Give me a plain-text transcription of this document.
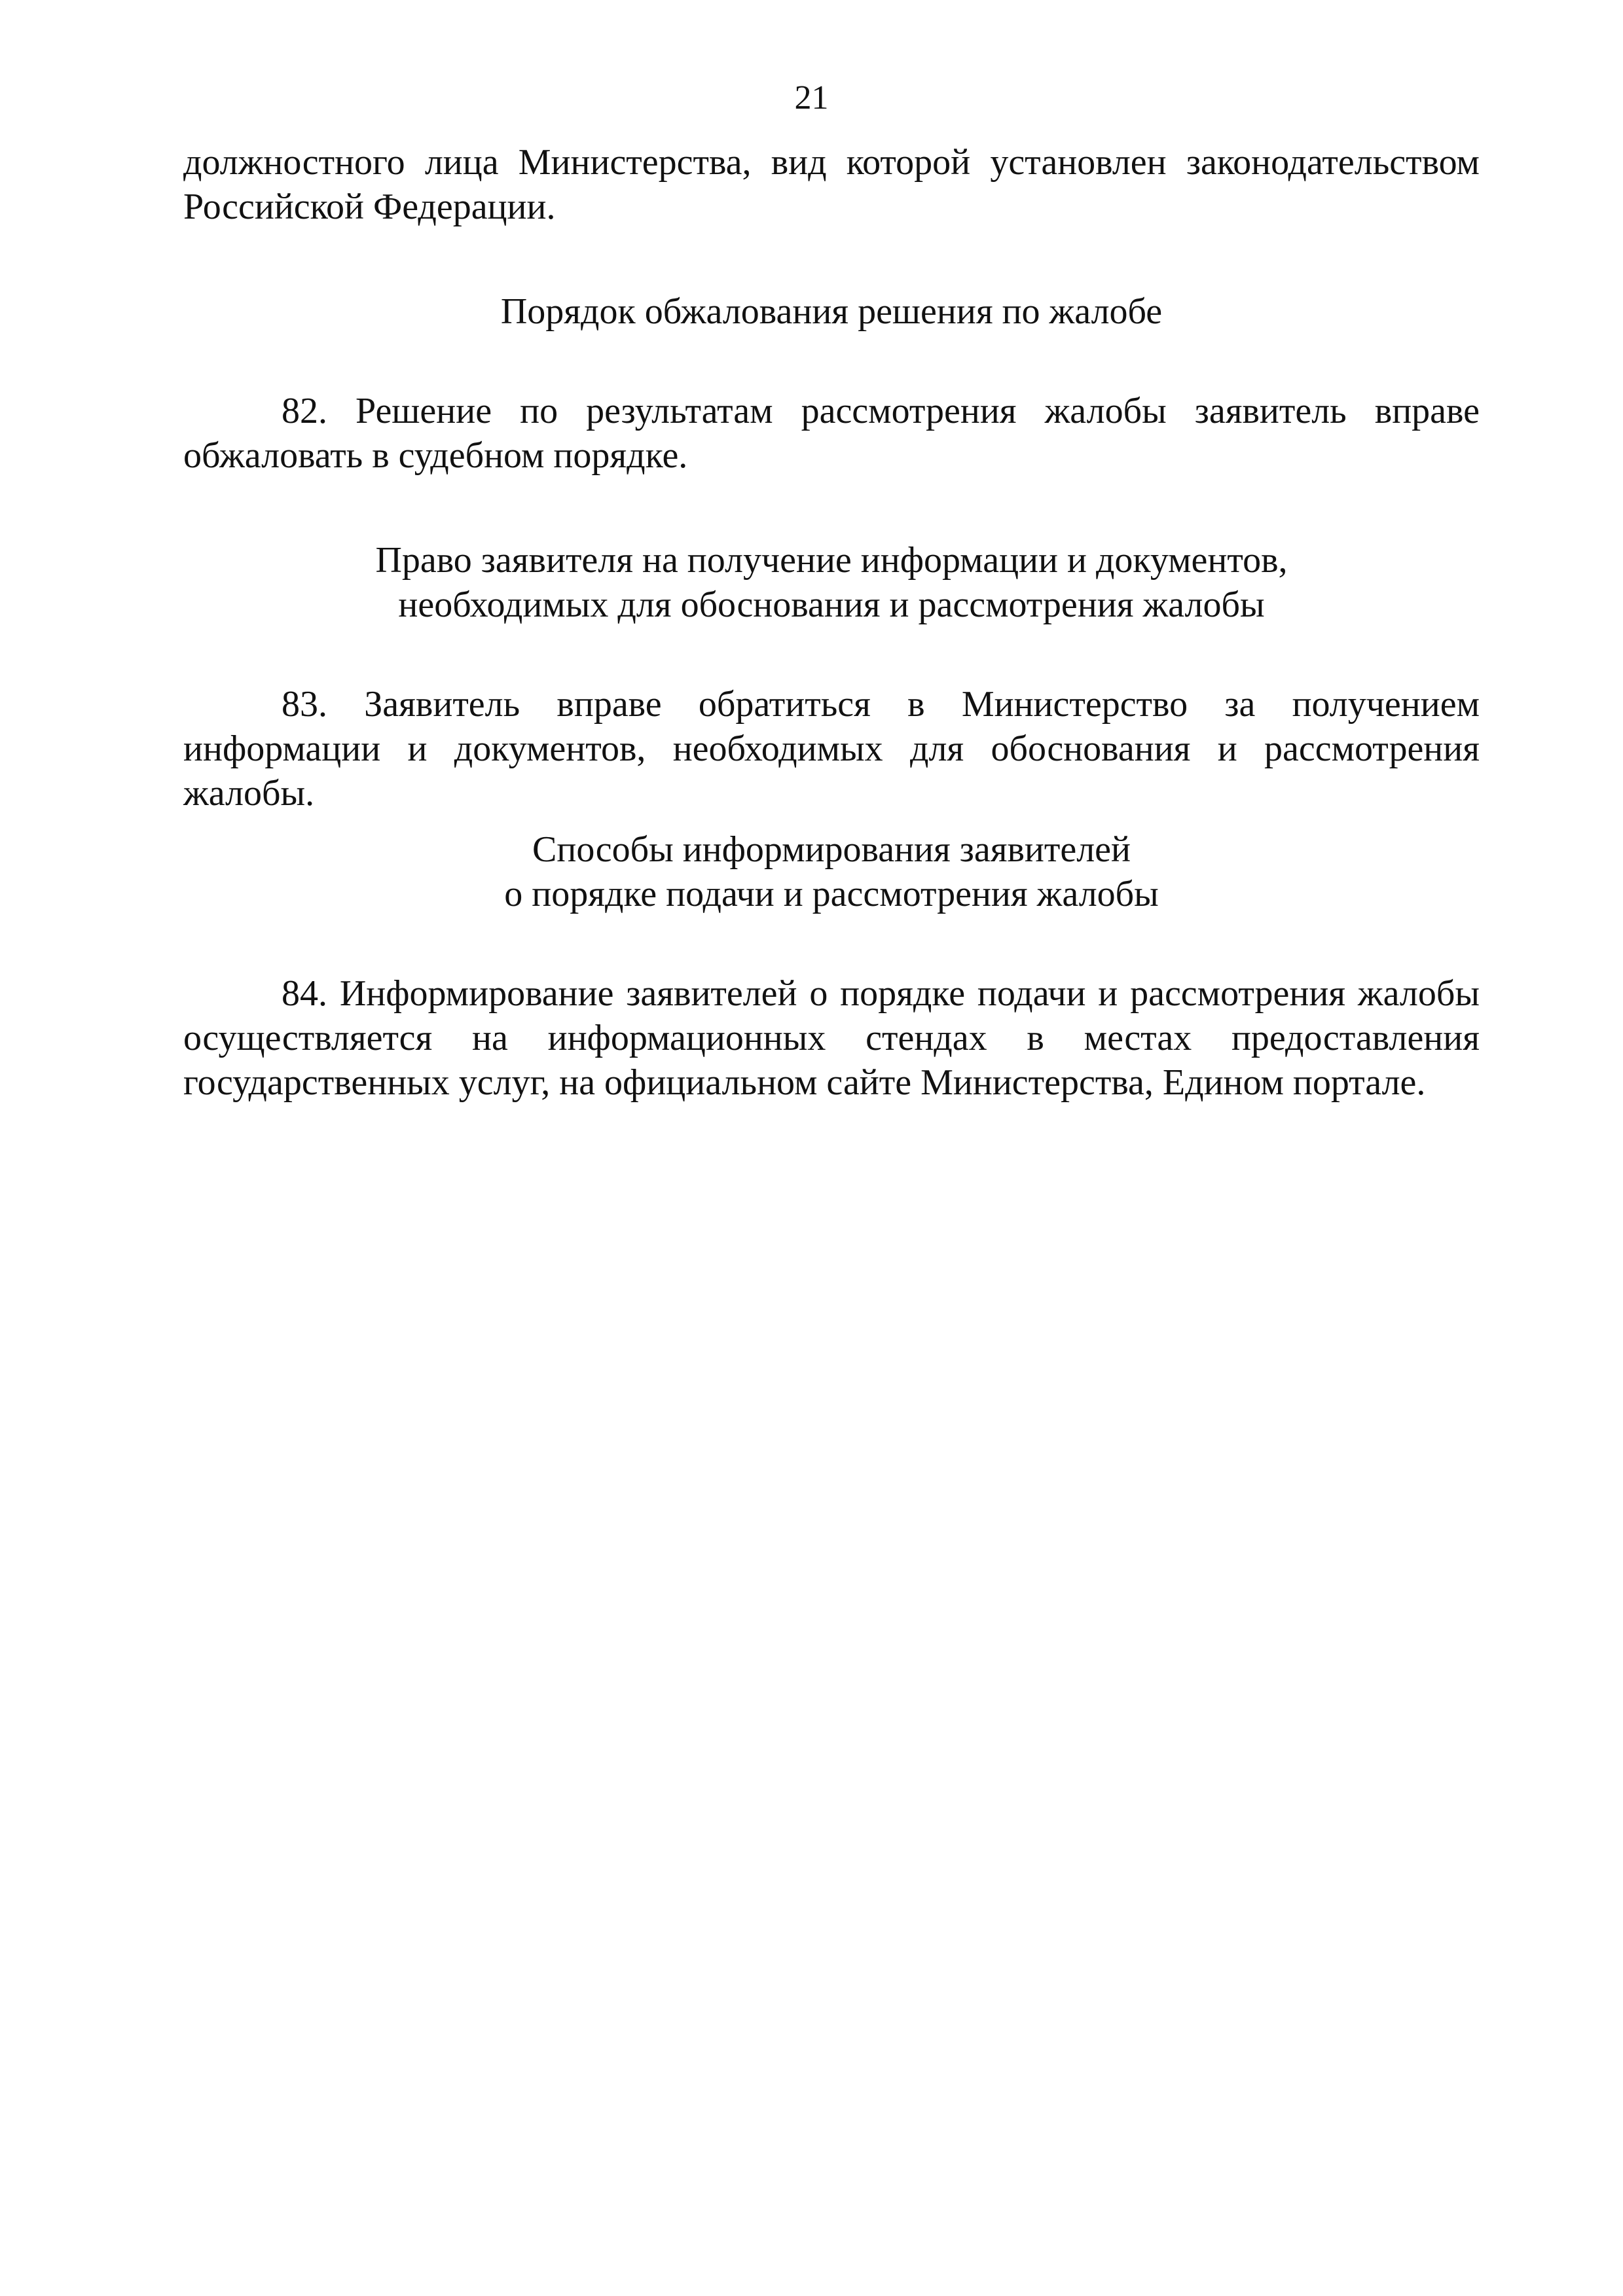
21

должностного лица Министерства, вид которой установлен законодательством Российской Федерации.

Порядок обжалования решения по жалобе

82. Решение по результатам рассмотрения жалобы заявитель вправе обжаловать в судебном порядке.

Право заявителя на получение информации и документов,
необходимых для обоснования и рассмотрения жалобы

83. Заявитель вправе обратиться в Министерство за получением информации и документов, необходимых для обоснования и рассмотрения жалобы.

Способы информирования заявителей
о порядке подачи и рассмотрения жалобы

84. Информирование заявителей о порядке подачи и рассмотрения жалобы осуществляется на информационных стендах в местах предоставления государственных услуг, на официальном сайте Министерства, Едином портале.
